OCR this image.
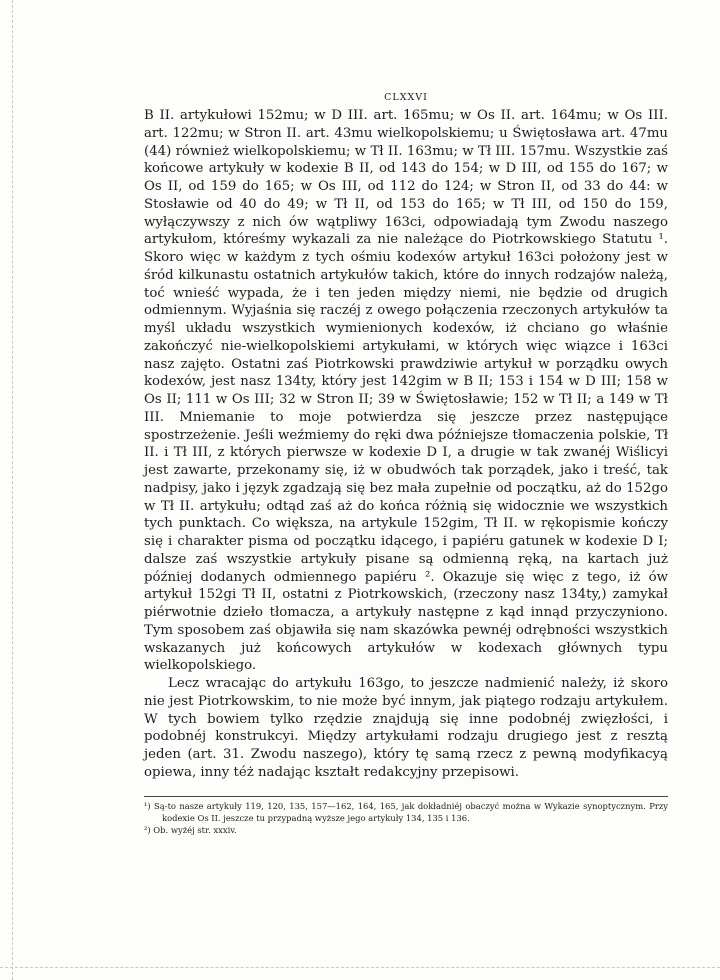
CLXXVI

B II. artykułowi 152mu; w D III. art. 165mu; w Os II. art. 164mu; w Os III. art. 122mu; w Stron II. art. 43mu wielkopolskiemu; u Świętosława art. 47mu (44) również wielkopolskiemu; w Tł II. 163mu; w Tł III. 157mu. Wszystkie zaś końcowe artykuły w kodexie B II, od 143 do 154; w D III, od 155 do 167; w Os II, od 159 do 165; w Os III, od 112 do 124; w Stron II, od 33 do 44: w Stosławie od 40 do 49; w Tł II, od 153 do 165; w Tł III, od 150 do 159, wyłączywszy z nich ów wątpliwy 163ci, odpowiadają tym Zwodu naszego artykułom, któreśmy wykazali za nie należące do Piotrkowskiego Statutu ¹. Skoro więc w każdym z tych ośmiu kodexów artykuł 163ci położony jest w śród kilkunastu ostatnich artykułów takich, które do innych rodzajów należą, toć wnieść wypada, że i ten jeden między niemi, nie będzie od drugich odmiennym. Wyjaśnia się raczéj z owego połączenia rzeczonych artykułów ta myśl układu wszystkich wymienionych kodexów, iż chciano go właśnie zakończyć nie-wielkopolskiemi artykułami, w których więc wiązce i 163ci nasz zajęto. Ostatni zaś Piotrkowski prawdziwie artykuł w porządku owych kodexów, jest nasz 134ty, który jest 142gim w B II; 153 i 154 w D III; 158 w Os II; 111 w Os III; 32 w Stron II; 39 w Świętosławie; 152 w Tł II; a 149 w Tł III. Mniemanie to moje potwierdza się jeszcze przez następujące spostrzeżenie. Jeśli weźmiemy do ręki dwa późniejsze tłomaczenia polskie, Tł II. i Tł III, z których pierwsze w kodexie D I, a drugie w tak zwanéj Wiślicyi jest zawarte, przekonamy się, iż w obudwóch tak porządek, jako i treść, tak nadpisy, jako i język zgadzają się bez mała zupełnie od początku, aż do 152go w Tł II. artykułu; odtąd zaś aż do końca różnią się widocznie we wszystkich tych punktach. Co większa, na artykule 152gim, Tł II. w rękopismie kończy się i charakter pisma od początku idącego, i papiéru gatunek w kodexie D I; dalsze zaś wszystkie artykuły pisane są odmienną ręką, na kartach już później dodanych odmiennego papiéru ². Okazuje się więc z tego, iż ów artykuł 152gi Tł II, ostatni z Piotrkowskich, (rzeczony nasz 134ty,) zamykał piérwotnie dzieło tłomacza, a artykuły następne z kąd innąd przyczyniono. Tym sposobem zaś objawiła się nam skazówka pewnéj odrębności wszystkich wskazanych już końcowych artykułów w kodexach głównych typu wielkopolskiego.

Lecz wracając do artykułu 163go, to jeszcze nadmienić należy, iż skoro nie jest Piotrkowskim, to nie może być innym, jak piątego rodzaju artykułem. W tych bowiem tylko rzędzie znajdują się inne podobnéj zwięzłości, i podobnéj konstrukcyi. Między artykułami rodzaju drugiego jest z resztą jeden (art. 31. Zwodu naszego), który tę samą rzecz z pewną modyfikacyą opiewa, inny téż nadając kształt redakcyjny przepisowi.

¹) Są-to nasze artykuły 119, 120, 135, 157—162, 164, 165, jak dokładniéj obaczyć można w Wykazie synoptycznym. Przy kodexie Os II. jeszcze tu przypadną wyższe jego artykuły 134, 135 i 136.

²) Ob. wyżéj str. xxxiv.
